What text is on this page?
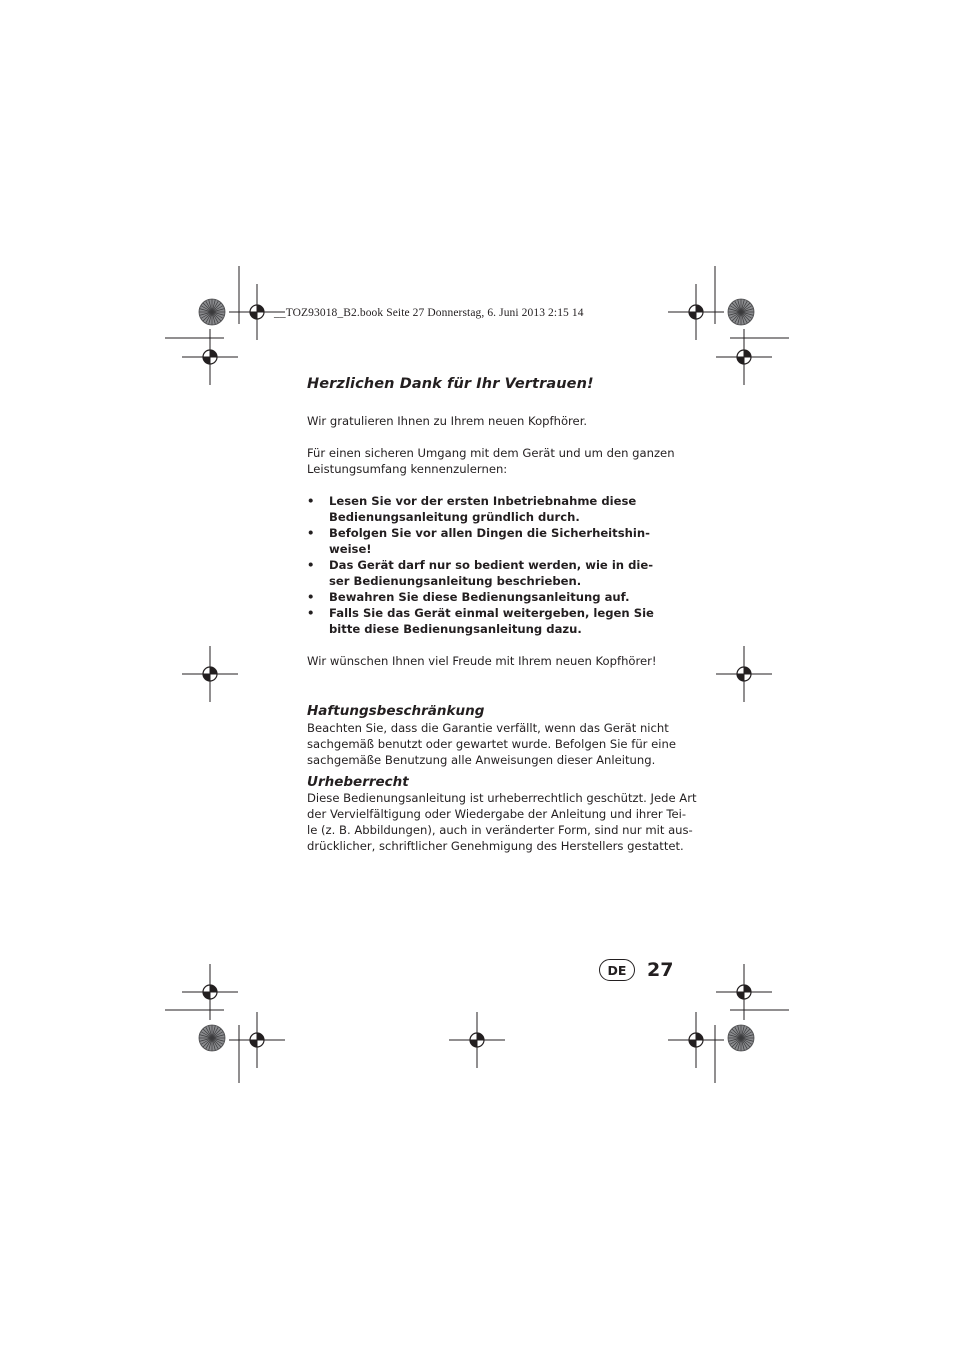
__TOZ93018_B2.book Seite 27 Donnerstag, 6. Juni 2013 2:15 14
Herzlichen Dank für Ihr Vertrauen!

Wir gratulieren Ihnen zu Ihrem neuen Kopfhörer.

Für einen sicheren Umgang mit dem Gerät und um den ganzen
Leistungsumfang kennenzulernen:

• Lesen Sie vor der ersten Inbetriebnahme diese
Bedienungsanleitung gründlich durch.
• Befolgen Sie vor allen Dingen die Sicherheitshin-
weise!
• Das Gerät darf nur so bedient werden, wie in die-
ser Bedienungsanleitung beschrieben.
• Bewahren Sie diese Bedienungsanleitung auf.
• Falls Sie das Gerät einmal weitergeben, legen Sie
bitte diese Bedienungsanleitung dazu.

Wir wünschen Ihnen viel Freude mit Ihrem neuen Kopfhörer!

Haftungsbeschränkung

Beachten Sie, dass die Garantie verfällt, wenn das Gerät nicht
sachgemäß benutzt oder gewartet wurde. Befolgen Sie für eine
sachgemäße Benutzung alle Anweisungen dieser Anleitung.

Urheberrecht

Diese Bedienungsanleitung ist urheberrechtlich geschützt. Jede Art
der Vervielfältigung oder Wiedergabe der Anleitung und ihrer Tei-
le (z. B. Abbildungen), auch in veränderter Form, sind nur mit aus-
drücklicher, schriftlicher Genehmigung des Herstellers gestattet.

DE	27
